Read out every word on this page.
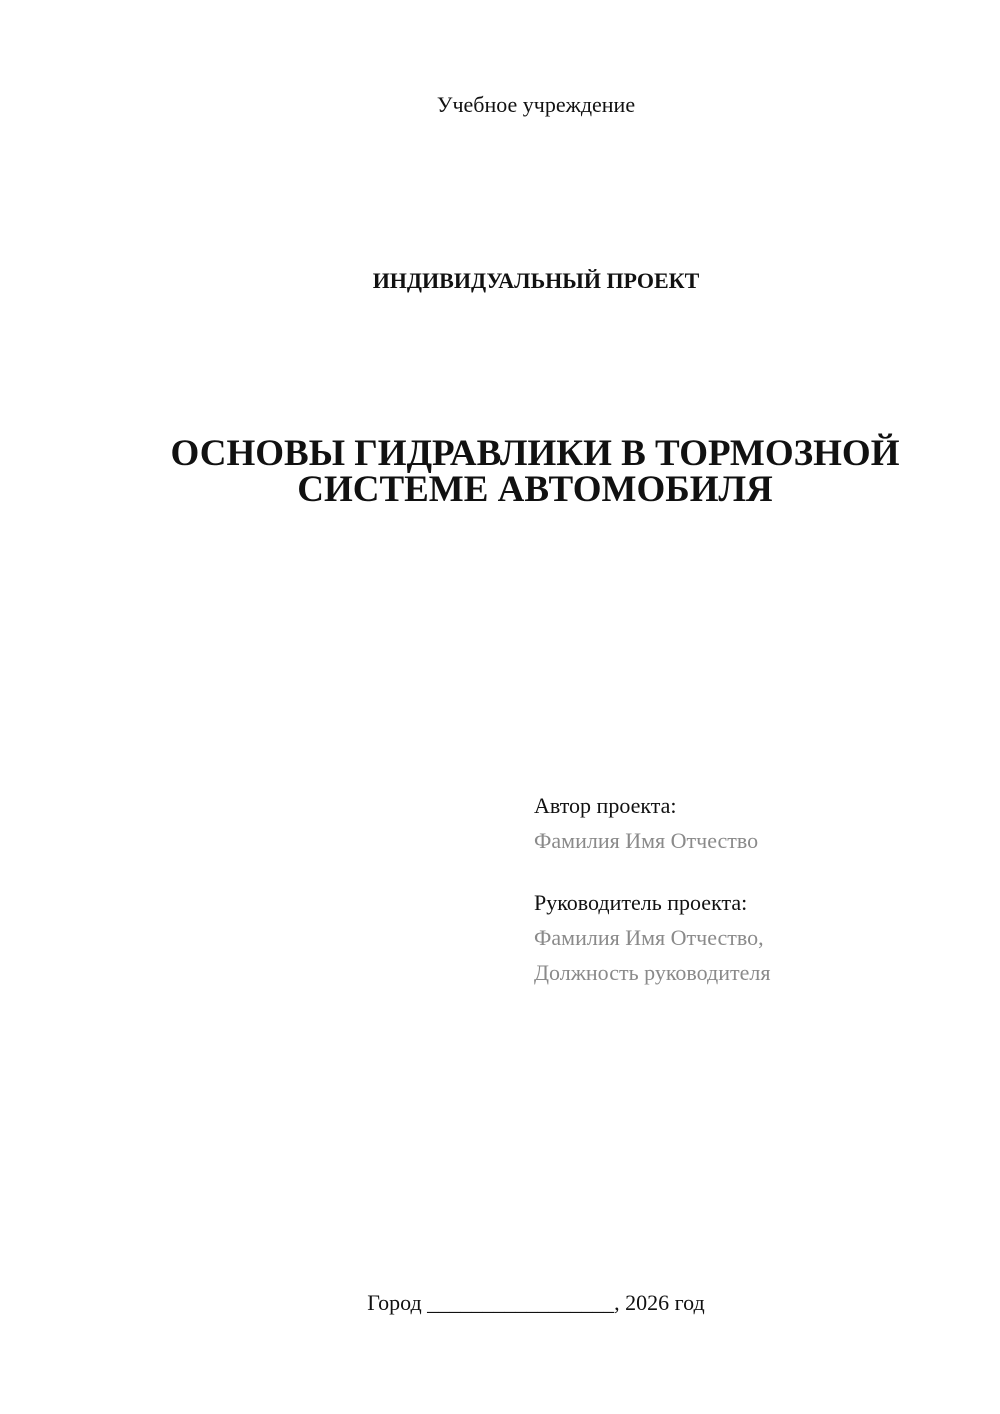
Учебное учреждение
ИНДИВИДУАЛЬНЫЙ ПРОЕКТ
ОСНОВЫ ГИДРАВЛИКИ В ТОРМОЗНОЙ
СИСТЕМЕ АВТОМОБИЛЯ
Автор проекта:
Фамилия Имя Отчество
Руководитель проекта:
Фамилия Имя Отчество,
Должность руководителя
Город _________________, 2026 год
